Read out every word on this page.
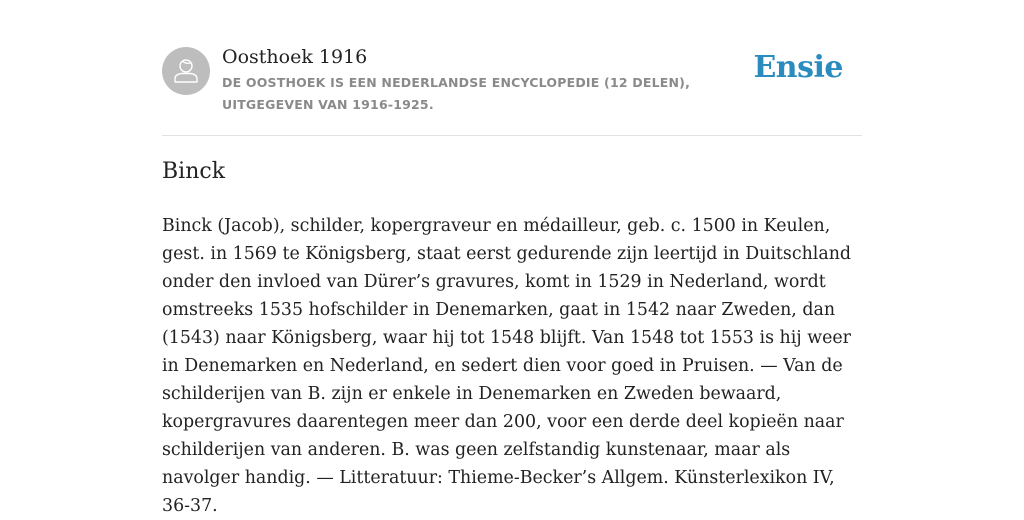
Oosthoek 1916
DE OOSTHOEK IS EEN NEDERLANDSE ENCYCLOPEDIE (12 DELEN), UITGEGEVEN VAN 1916-1925.
Ensie
Binck

Binck (Jacob), schilder, kopergraveur en médailleur, geb. c. 1500 in Keulen, gest. in 1569 te Königsberg, staat eerst gedurende zijn leertijd in Duitschland onder den invloed van Dürer’s gravures, komt in 1529 in Nederland, wordt omstreeks 1535 hofschilder in Denemarken, gaat in 1542 naar Zweden, dan (1543) naar Königsberg, waar hij tot 1548 blijft. Van 1548 tot 1553 is hij weer in Denemarken en Nederland, en sedert dien voor goed in Pruisen. — Van de schilderijen van B. zijn er enkele in Denemarken en Zweden bewaard, kopergravures daarentegen meer dan 200, voor een derde deel kopieën naar schilderijen van anderen. B. was geen zelfstandig kunstenaar, maar als navolger handig. — Litteratuur: Thieme-Becker’s Allgem. Künsterlexikon IV, 36-37.
